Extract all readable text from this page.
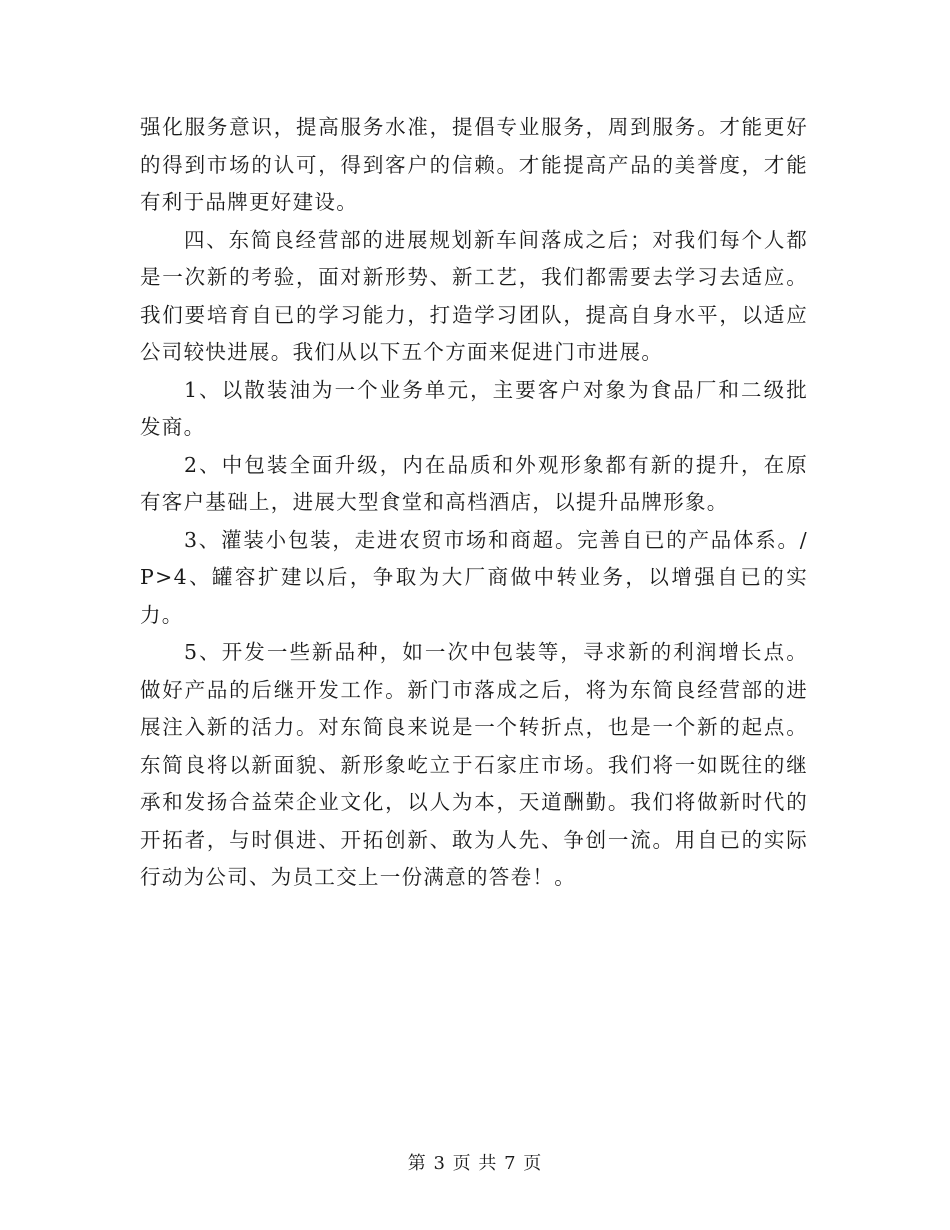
强化服务意识，提高服务水准，提倡专业服务，周到服务。才能更好的得到市场的认可，得到客户的信赖。才能提高产品的美誉度，才能有利于品牌更好建设。

四、东简良经营部的进展规划新车间落成之后；对我们每个人都是一次新的考验，面对新形势、新工艺，我们都需要去学习去适应。我们要培育自已的学习能力，打造学习团队，提高自身水平，以适应公司较快进展。我们从以下五个方面来促进门市进展。

1、以散装油为一个业务单元，主要客户对象为食品厂和二级批发商。

2、中包装全面升级，内在品质和外观形象都有新的提升，在原有客户基础上，进展大型食堂和高档酒店，以提升品牌形象。

3、灌装小包装，走进农贸市场和商超。完善自已的产品体系。/P>4、罐容扩建以后，争取为大厂商做中转业务，以增强自已的实力。

5、开发一些新品种，如一次中包装等，寻求新的利润增长点。做好产品的后继开发工作。新门市落成之后，将为东简良经营部的进展注入新的活力。对东简良来说是一个转折点，也是一个新的起点。东简良将以新面貌、新形象屹立于石家庄市场。我们将一如既往的继承和发扬合益荣企业文化，以人为本，天道酬勤。我们将做新时代的开拓者，与时俱进、开拓创新、敢为人先、争创一流。用自已的实际行动为公司、为员工交上一份满意的答卷！。

第 3 页 共 7 页
